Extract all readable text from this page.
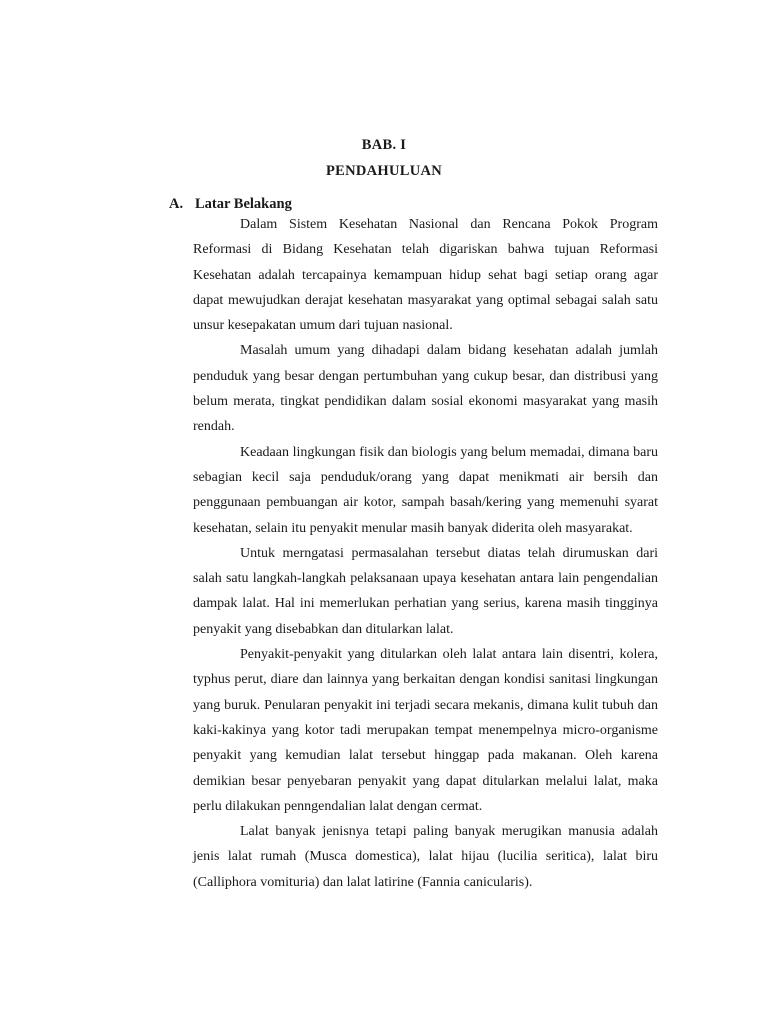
BAB. I
PENDAHULUAN
A. Latar Belakang

Dalam Sistem Kesehatan Nasional dan Rencana Pokok Program Reformasi di Bidang Kesehatan telah digariskan bahwa tujuan Reformasi Kesehatan adalah tercapainya kemampuan hidup sehat bagi setiap orang agar dapat mewujudkan derajat kesehatan masyarakat yang optimal sebagai salah satu unsur kesepakatan umum dari tujuan nasional.

Masalah umum yang dihadapi dalam bidang kesehatan adalah jumlah penduduk yang besar dengan pertumbuhan yang cukup besar, dan distribusi yang belum merata, tingkat pendidikan dalam sosial ekonomi masyarakat yang masih rendah.

Keadaan lingkungan fisik dan biologis yang belum memadai, dimana baru sebagian kecil saja penduduk/orang yang dapat menikmati air bersih dan penggunaan pembuangan air kotor, sampah basah/kering yang memenuhi syarat kesehatan, selain itu penyakit menular masih banyak diderita oleh masyarakat.

Untuk merngatasi permasalahan tersebut diatas telah dirumuskan dari salah satu langkah-langkah pelaksanaan upaya kesehatan antara lain pengendalian dampak lalat. Hal ini memerlukan perhatian yang serius, karena masih tingginya penyakit yang disebabkan dan ditularkan lalat.

Penyakit-penyakit yang ditularkan oleh lalat antara lain disentri, kolera, typhus perut, diare dan lainnya yang berkaitan dengan kondisi sanitasi lingkungan yang buruk. Penularan penyakit ini terjadi secara mekanis, dimana kulit tubuh dan kaki-kakinya yang kotor tadi merupakan tempat menempelnya micro-organisme penyakit yang kemudian lalat tersebut hinggap pada makanan. Oleh karena demikian besar penyebaran penyakit yang dapat ditularkan melalui lalat, maka perlu dilakukan penngendalian lalat dengan cermat.

Lalat banyak jenisnya tetapi paling banyak merugikan manusia adalah jenis lalat rumah (Musca domestica), lalat hijau (lucilia seritica), lalat biru (Calliphora vomituria) dan lalat latirine (Fannia canicularis).
